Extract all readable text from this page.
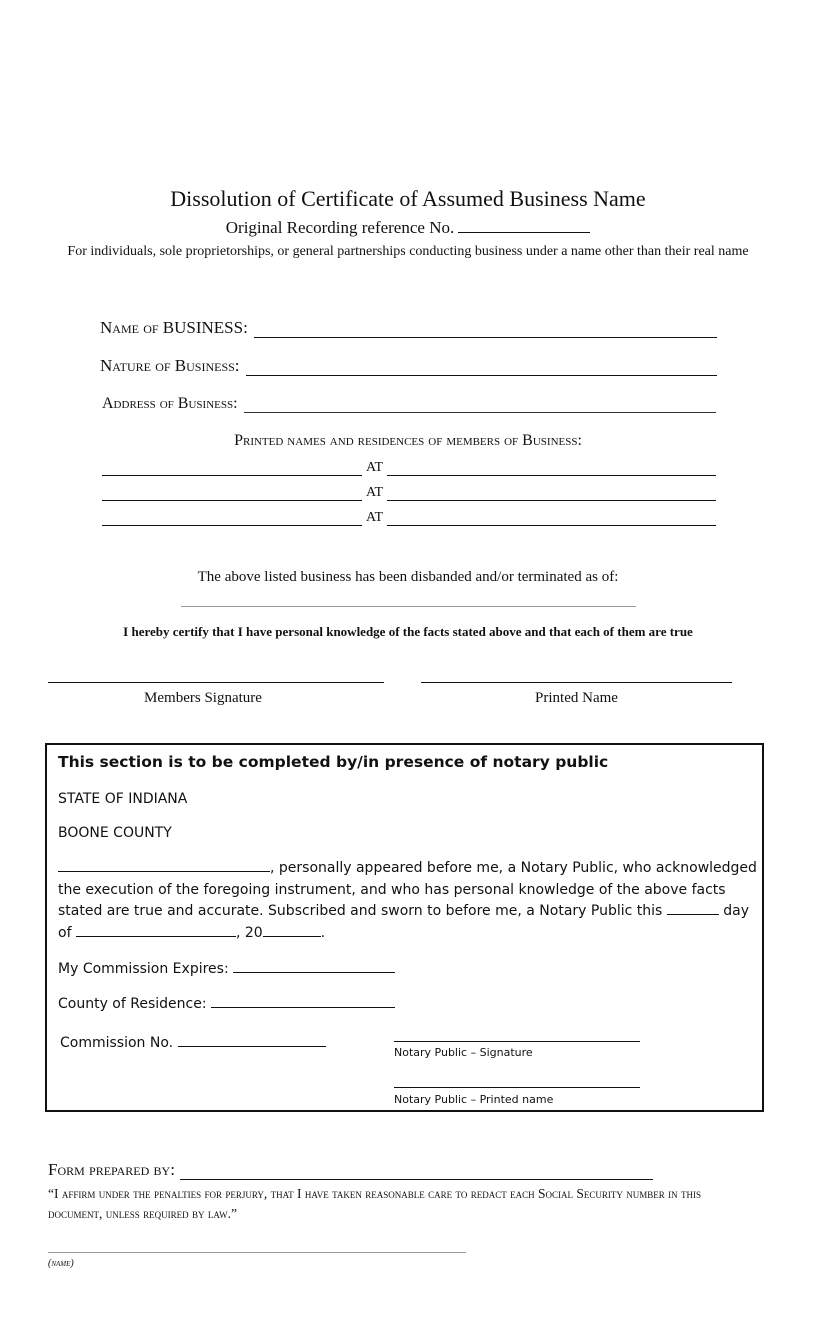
Dissolution of Certificate of Assumed Business Name
Original Recording reference No.
For individuals, sole proprietorships, or general partnerships conducting business under a name other than their real name
Name of BUSINESS:
Nature of Business:
Address of Business:
Printed names and residences of members of Business:
AT
AT
AT
The above listed business has been disbanded and/or terminated as of:
I hereby certify that I have personal knowledge of the facts stated above and that each of them are true
Members Signature	Printed Name
This section is to be completed by/in presence of notary public
STATE OF INDIANA
BOONE COUNTY
, personally appeared before me, a Notary Public, who acknowledged the execution of the foregoing instrument, and who has personal knowledge of the above facts stated are true and accurate. Subscribed and sworn to before me, a Notary Public this	day of	, 20	.
My Commission Expires:
County of Residence:
Commission No.
Notary Public – Signature
Notary Public – Printed name
Form prepared by:
“I affirm under the penalties for perjury, that I have taken reasonable care to redact each Social Security number in this document, unless required by law.”
(name)
